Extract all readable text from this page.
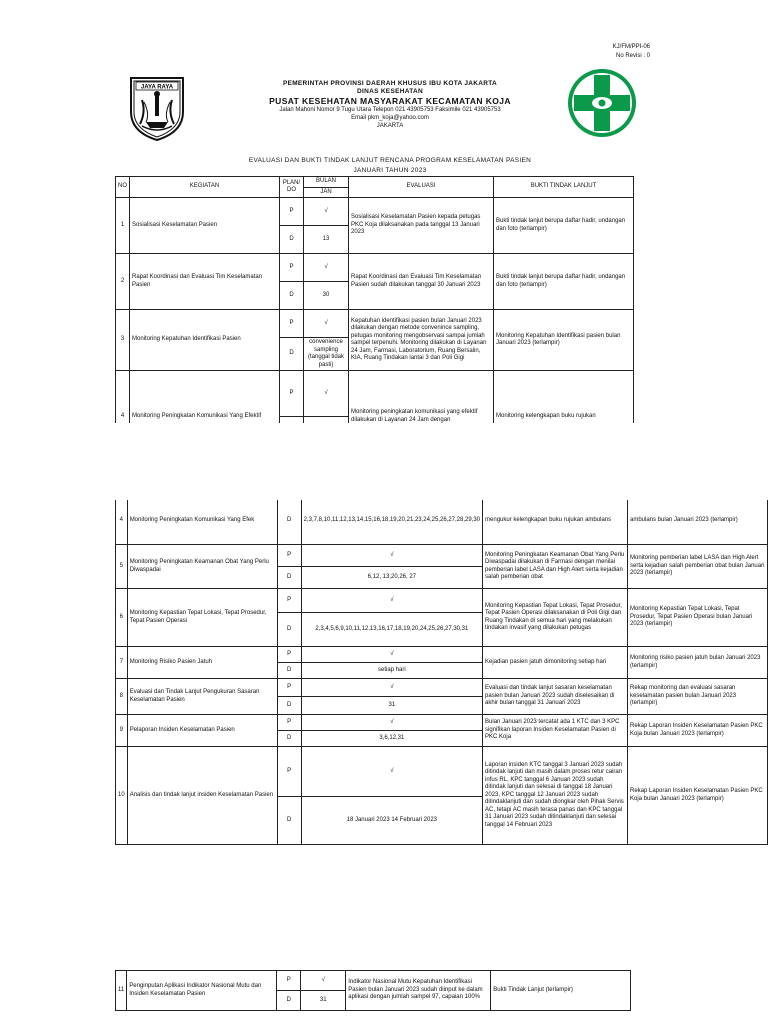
KJ/FM/PPI-06
No Revisi : 0
JAYA RAYA
PEMERINTAH PROVINSI DAERAH KHUSUS IBU KOTA JAKARTA
DINAS KESEHATAN
PUSAT KESEHATAN MASYARAKAT KECAMATAN KOJA
Jalan Mahoni Nomor 9 Tugu Utara Telepon 021 43905753 Faksimile 021 43905753
Email pkm_koja@yahoo.com
JAKARTA
EVALUASI DAN BUKTI TINDAK LANJUT RENCANA PROGRAM KESELAMATAN PASIEN
JANUARI TAHUN 2023
NO	KEGIATAN	PLAN/ DO	BULAN	EVALUASI	BUKTI TINDAK LANJUT
			JAN		
1	Sosialisasi Keselamatan Pasien	P	√	Sosialisasi Keselamatan Pasien kepada petugas PKC Koja dilaksanakan pada tanggal 13 Januari 2023	Bukti tindak lanjut berupa daftar hadir, undangan dan foto (terlampir)
		D	13		
2	Rapat Koordinasi dan Evaluasi Tim Keselamatan Pasien	P	√	Rapat Koordinasi dan Evaluasi Tim Keselamatan Pasien sudah dilakukan tanggal 30 Januari 2023	Bukti tindak lanjut berupa daftar hadir, undangan dan foto (terlampir)
		D	30		
3	Monitoring Kepatuhan Identifikasi Pasien	P	√	Kepatuhan identifikasi pasien bulan Januari 2023 dilakukan dengan metode convenince sampling, petugas monitoring mengobservasi sampai jumlah sampel terpenuhi. Monitoring dilakukan di Layanan 24 Jam, Farmasi, Laboratorium, Ruang Bersalin, KIA, Ruang Tindakan lantai 3 dan Poli Gigi	Monitoring Kepatuhan Identifikasi pasien bulan Januari 2023 (terlampir)
		D	convenience sampling (tanggal tidak pasti)		
4	Monitoring Peningkatan Komunikasi Yang Efektif	P	√	Monitoring peningkatan komunikasi yang efektif dilakukan di Layanan 24 Jam dengan	Monitoring kelengkapan buku rujukan

4	Monitoring Peningkatan Komunikasi Yang Efek	D	2,3,7,8,10,11,12,13,14,15,16,18,19,20,21,23,24,25,26,27,28,29,30	mengukur kelengkapan buku rujukan ambulans	ambulans bulan Januari 2023 (terlampir)
5	Monitoring Peningkatan Keamanan Obat Yang Perlu Diwaspadai	P	√	Monitoring Peningkatan Keamanan Obat Yang Perlu Diwaspadai dilakukan di Farmasi dengan menilai pemberian label LASA dan High Alert serta kejadian salah pemberian obat	Monitoring pemberian label LASA dan High Alert serta kejadian salah pemberian obat bulan Januari 2023 (terlampir)
		D	6,12, 13,20,26, 27		
6	Monitoring Kepastian Tepat Lokasi, Tepat Prosedur, Tepat Pasien Operasi	P	√	Monitoring Kepastian Tepat Lokasi, Tepat Prosedur, Tepat Pasien Operasi dilaksanakan di Poli Gigi dan Ruang Tindakan di semua hari yang melakukan tindakan invasif yang dilakukan petugas	Monitoring Kepastian Tepat Lokasi, Tepat Prosedur, Tepat Pasien Operasi bulan Januari 2023 (terlampir)
		D	2,3,4,5,6,9,10,11,12,13,16,17,18,19,20,24,25,26,27,30,31		
7	Monitoring Risiko Pasien Jatuh	P	√	Kejadian pasien jatuh dimonitoring setiap hari	Monitoring risiko pasien jatuh bulan Januari 2023 (terlampir)
		D	setiap hari		
8	Evaluasi dan Tindak Lanjut Pengukuran Sasaran Keselamatan Pasien	P	√	Evaluasi dan tindak lanjut sasaran keselamatan pasien bulan Januari 2023 sudah diselesaikan di akhir bulan tanggal 31 Januari 2023	Rekap monitoring dan evaluasi sasaran keselamatan pasien bulan Januari 2023 (terlampir)
		D	31		
9	Pelaporan Insiden Keselamatan Pasien	P	√	Bulan Januari 2023 tercatat ada 1 KTC dan 3 KPC signifikan laporan Insiden Keselamatan Pasien di PKC Koja	Rekap Laporan Insiden Keselamatan Pasien PKC Koja bulan Januari 2023 (terlampir)
		D	3,6,12,31		
10	Analisis dan tindak lanjut insiden Keselamatan Pasien	P	√	Laporan insiden KTC tanggal 3 Januari 2023 sudah ditindak lanjuti dan masih dalam proses retur cairan infus RL, KPC tanggal 6 Januari 2023 sudah ditindak lanjuti dan selesai di tanggal 18 Januari 2023, KPC tanggal 12 Januari 2023 sudah ditindaklanjuti dan sudah diongkar oleh Pihak Servis AC, tetapi AC masih terasa panas dan KPC tanggal 31 Januari 2023 sudah ditindaklanjuti dan selesai tanggal 14 Februari 2023	Rekap Laporan Insiden Keselamatan Pasien PKC Koja bulan Januari 2023 (terlampir)
		D	18 Januari 2023 14 Februari 2023		
11	Penginputan Aplikasi Indikator Nasional Mutu dan Insiden Keselamatan Pasien	P	√	Indikator Nasional Mutu Kepatuhan Identifikasi Pasien bulan Januari 2023 sudah diinput ke dalam aplikasi dengan jumlah sampel 97, capaian 100%	Bukti Tindak Lanjut (terlampir)
		D	31		
